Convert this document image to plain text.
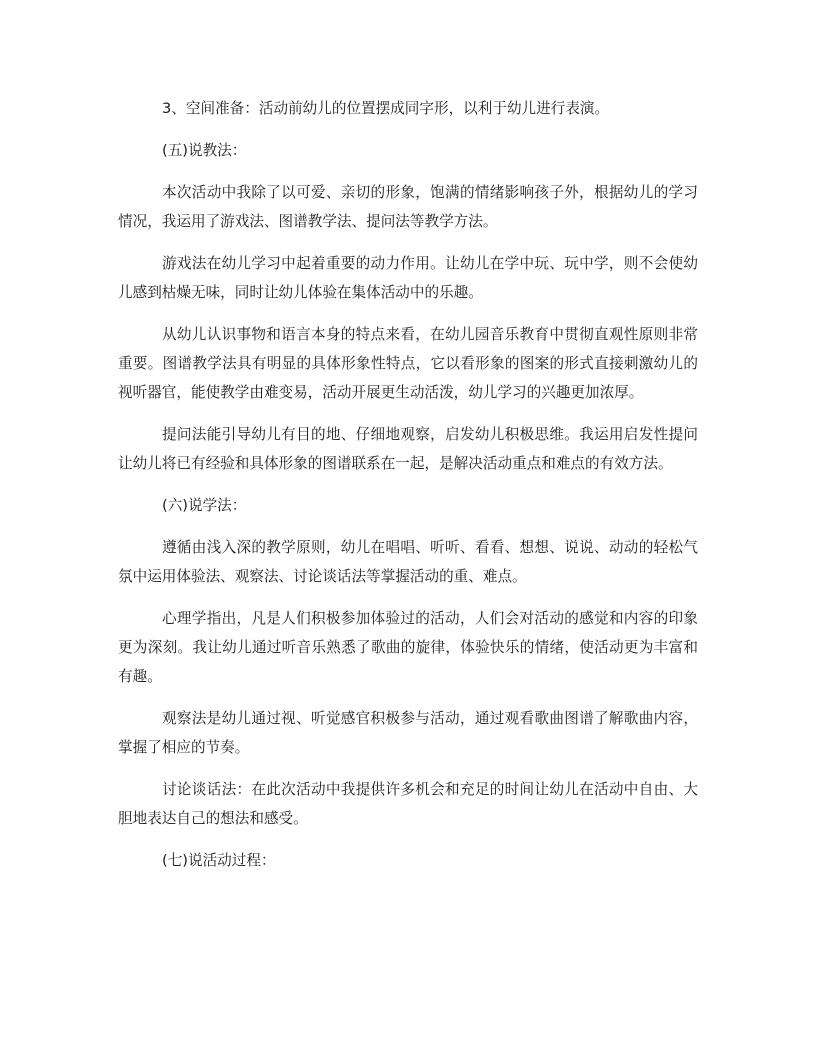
3、空间准备：活动前幼儿的位置摆成同字形，以利于幼儿进行表演。

(五)说教法：

本次活动中我除了以可爱、亲切的形象，饱满的情绪影响孩子外，根据幼儿的学习情况，我运用了游戏法、图谱教学法、提问法等教学方法。

游戏法在幼儿学习中起着重要的动力作用。让幼儿在学中玩、玩中学，则不会使幼儿感到枯燥无味，同时让幼儿体验在集体活动中的乐趣。

从幼儿认识事物和语言本身的特点来看，在幼儿园音乐教育中贯彻直观性原则非常重要。图谱教学法具有明显的具体形象性特点，它以看形象的图案的形式直接刺激幼儿的视听器官，能使教学由难变易，活动开展更生动活泼，幼儿学习的兴趣更加浓厚。

提问法能引导幼儿有目的地、仔细地观察，启发幼儿积极思维。我运用启发性提问让幼儿将已有经验和具体形象的图谱联系在一起，是解决活动重点和难点的有效方法。

(六)说学法：

遵循由浅入深的教学原则，幼儿在唱唱、听听、看看、想想、说说、动动的轻松气氛中运用体验法、观察法、讨论谈话法等掌握活动的重、难点。

心理学指出，凡是人们积极参加体验过的活动，人们会对活动的感觉和内容的印象更为深刻。我让幼儿通过听音乐熟悉了歌曲的旋律，体验快乐的情绪，使活动更为丰富和有趣。

观察法是幼儿通过视、听觉感官积极参与活动，通过观看歌曲图谱了解歌曲内容，掌握了相应的节奏。

讨论谈话法：在此次活动中我提供许多机会和充足的时间让幼儿在活动中自由、大胆地表达自己的想法和感受。

(七)说活动过程：
